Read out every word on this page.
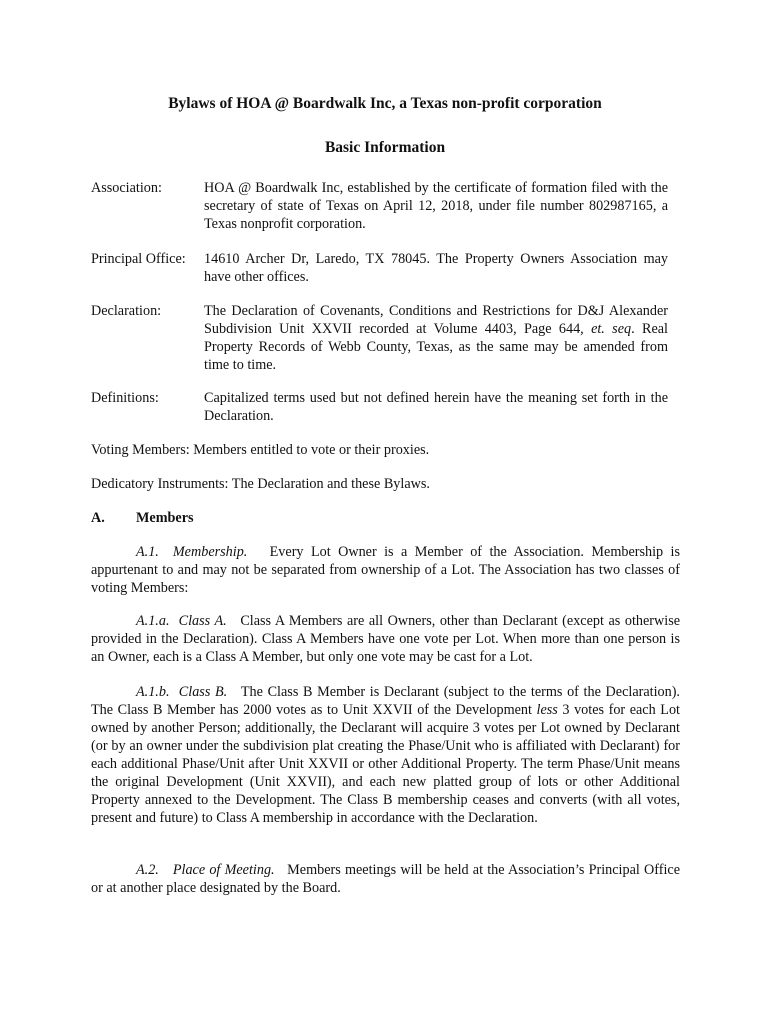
Bylaws of HOA @ Boardwalk Inc, a Texas non-profit corporation
Basic Information
Association:	HOA @ Boardwalk Inc, established by the certificate of formation filed with the secretary of state of Texas on April 12, 2018, under file number 802987165, a Texas nonprofit corporation.
Principal Office: 14610 Archer Dr, Laredo, TX 78045. The Property Owners Association may have other offices.
Declaration:	The Declaration of Covenants, Conditions and Restrictions for D&J Alexander Subdivision Unit XXVII recorded at Volume 4403, Page 644, et. seq. Real Property Records of Webb County, Texas, as the same may be amended from time to time.
Definitions:	Capitalized terms used but not defined herein have the meaning set forth in the Declaration.
Voting Members: Members entitled to vote or their proxies.
Dedicatory Instruments: The Declaration and these Bylaws.
A. Members
A.1. Membership. Every Lot Owner is a Member of the Association. Membership is appurtenant to and may not be separated from ownership of a Lot. The Association has two classes of voting Members:
A.1.a. Class A. Class A Members are all Owners, other than Declarant (except as otherwise provided in the Declaration). Class A Members have one vote per Lot. When more than one person is an Owner, each is a Class A Member, but only one vote may be cast for a Lot.
A.1.b. Class B. The Class B Member is Declarant (subject to the terms of the Declaration). The Class B Member has 2000 votes as to Unit XXVII of the Development less 3 votes for each Lot owned by another Person; additionally, the Declarant will acquire 3 votes per Lot owned by Declarant (or by an owner under the subdivision plat creating the Phase/Unit who is affiliated with Declarant) for each additional Phase/Unit after Unit XXVII or other Additional Property. The term Phase/Unit means the original Development (Unit XXVII), and each new platted group of lots or other Additional Property annexed to the Development. The Class B membership ceases and converts (with all votes, present and future) to Class A membership in accordance with the Declaration.
A.2. Place of Meeting. Members meetings will be held at the Association’s Principal Office or at another place designated by the Board.
